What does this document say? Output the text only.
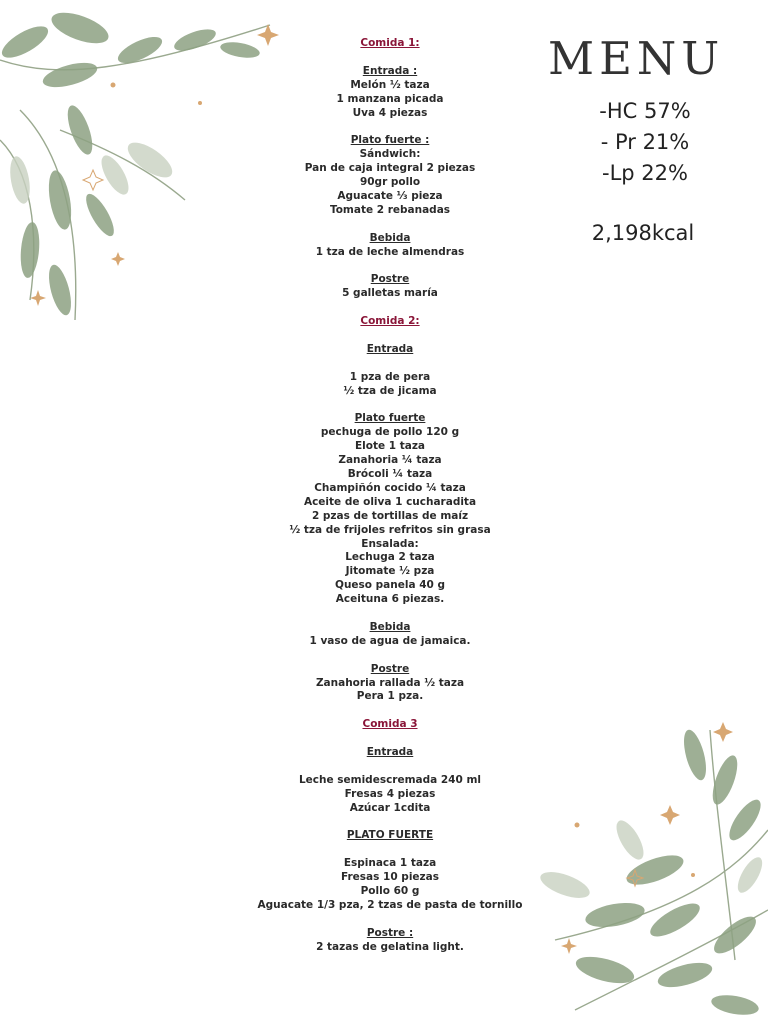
Comida 1:
Entrada :
Melón ½ taza
1 manzana picada
Uva 4 piezas
Plato fuerte :
Sándwich:
Pan de caja integral 2 piezas
90gr pollo
Aguacate ⅓ pieza
Tomate 2 rebanadas
Bebida
1 tza de leche almendras
Postre
5 galletas maría
Comida 2:
Entrada
1 pza de pera
½ tza de jicama
Plato fuerte
pechuga de pollo 120 g
Elote 1 taza
Zanahoria ¼ taza
Brócoli ¼ taza
Champiñón cocido ¼ taza
Aceite de oliva 1 cucharadita
2 pzas de tortillas de maíz
½ tza de frijoles refritos sin grasa
Ensalada:
Lechuga 2 taza
Jitomate ½ pza
Queso panela 40 g
Aceituna 6 piezas.
Bebida
1 vaso de agua de jamaica.
Postre
Zanahoria rallada ½ taza
Pera 1 pza.
Comida 3
Entrada
Leche semidescremada 240 ml
Fresas 4 piezas
Azúcar 1cdita
PLATO FUERTE
Espinaca 1 taza
Fresas 10 piezas
Pollo 60 g
Aguacate 1/3 pza, 2 tzas de pasta de tornillo
Postre :
2 tazas de gelatina light.
MENU
-HC 57%
- Pr 21%
-Lp 22%
2,198kcal
